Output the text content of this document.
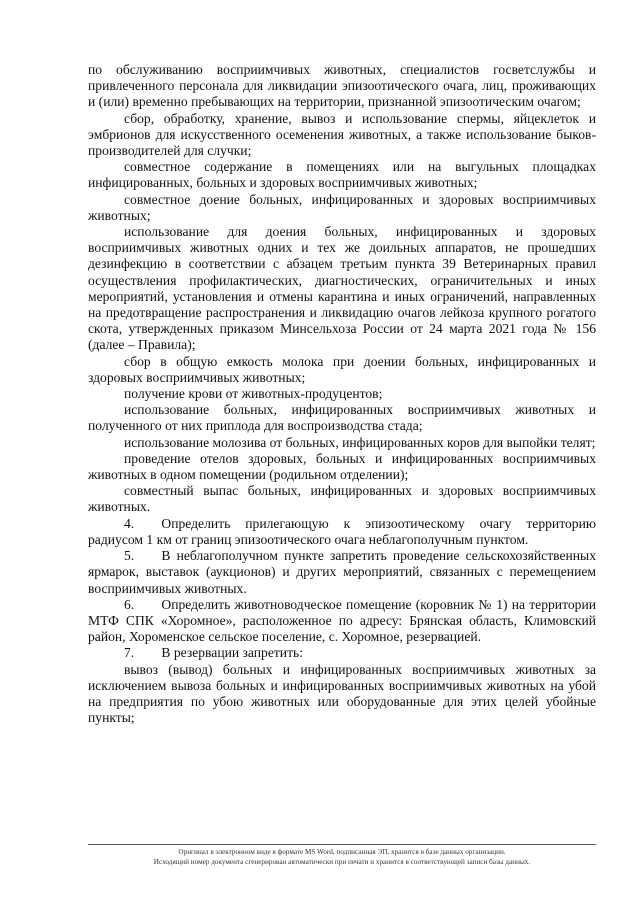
по обслуживанию восприимчивых животных, специалистов госветслужбы и привлеченного персонала для ликвидации эпизоотического очага, лиц, проживающих и (или) временно пребывающих на территории, признанной эпизоотическим очагом;

сбор, обработку, хранение, вывоз и использование спермы, яйцеклеток и эмбрионов для искусственного осеменения животных, а также использование быков-производителей для случки;

совместное содержание в помещениях или на выгульных площадках инфицированных, больных и здоровых восприимчивых животных;

совместное доение больных, инфицированных и здоровых восприимчивых животных;

использование для доения больных, инфицированных и здоровых восприимчивых животных одних и тех же доильных аппаратов, не прошедших дезинфекцию в соответствии с абзацем третьим пункта 39 Ветеринарных правил осуществления профилактических, диагностических, ограничительных и иных мероприятий, установления и отмены карантина и иных ограничений, направленных на предотвращение распространения и ликвидацию очагов лейкоза крупного рогатого скота, утвержденных приказом Минсельхоза России от 24 марта 2021 года № 156 (далее – Правила);

сбор в общую емкость молока при доении больных, инфицированных и здоровых восприимчивых животных;

получение крови от животных-продуцентов;

использование больных, инфицированных восприимчивых животных и полученного от них приплода для воспроизводства стада;

использование молозива от больных, инфицированных коров для выпойки телят;

проведение отелов здоровых, больных и инфицированных восприимчивых животных в одном помещении (родильном отделении);

совместный выпас больных, инфицированных и здоровых восприимчивых животных.

4.  Определить прилегающую к эпизоотическому очагу территорию радиусом 1 км от границ эпизоотического очага неблагополучным пунктом.

5.  В неблагополучном пункте запретить проведение сельскохозяйственных ярмарок, выставок (аукционов) и других мероприятий, связанных с перемещением восприимчивых животных.

6.  Определить животноводческое помещение (коровник № 1) на территории МТФ СПК «Хоромное», расположенное по адресу: Брянская область, Климовский район, Хороменское сельское поселение, с. Хоромное, резервацией.

7.  В резервации запретить:

вывоз (вывод) больных и инфицированных восприимчивых животных за исключением вывоза больных и инфицированных восприимчивых животных на убой на предприятия по убою животных или оборудованные для этих целей убойные пункты;

Оригинал в электронном виде в формате MS Word, подписанная ЭП, хранится в базе данных организации.
Исходящий номер документа сгенерирован автоматически при печати и хранится в соответствующей записи базы данных.
